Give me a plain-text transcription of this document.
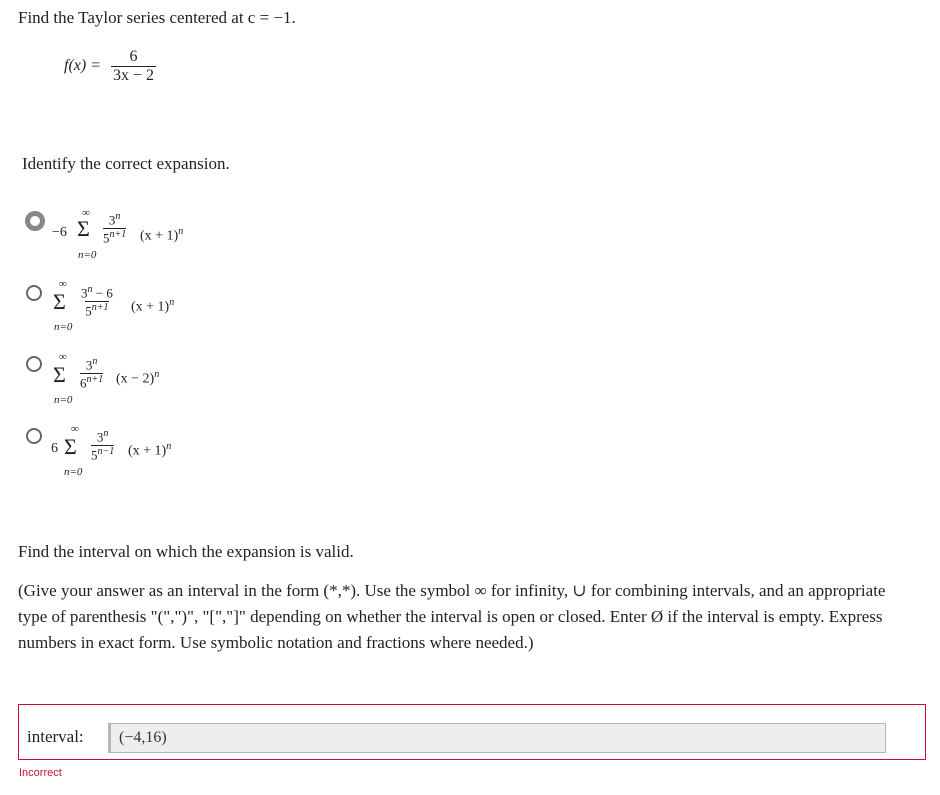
Find the Taylor series centered at c = −1.
$f(x) = \frac{6}{3x - 2}$
Identify the correct expansion.
−6
∞
Σ
n=0
3$^n$
$5^{n+1}$ $(x + 1)^n$
∞
Σ
n=0
$3^n - 6$
$5^{n+1}$ $(x + 1)^n$
∞
Σ
n=0
3$^n$
$6^{n+1}$ $(x - 2)^n$
6
∞
Σ
n=0
3$^n$
$5^{n-1}$ $(x + 1)^n$
Find the interval on which the expansion is valid.
(Give your answer as an interval in the form (*,*). Use the symbol ∞ for infinity, ∪ for combining intervals, and an appropriate type of parenthesis "(",")", "[","]" depending on whether the interval is open or closed. Enter Ø if the interval is empty. Express numbers in exact form. Use symbolic notation and fractions where needed.)
interval:	(−4,16)
Incorrect
